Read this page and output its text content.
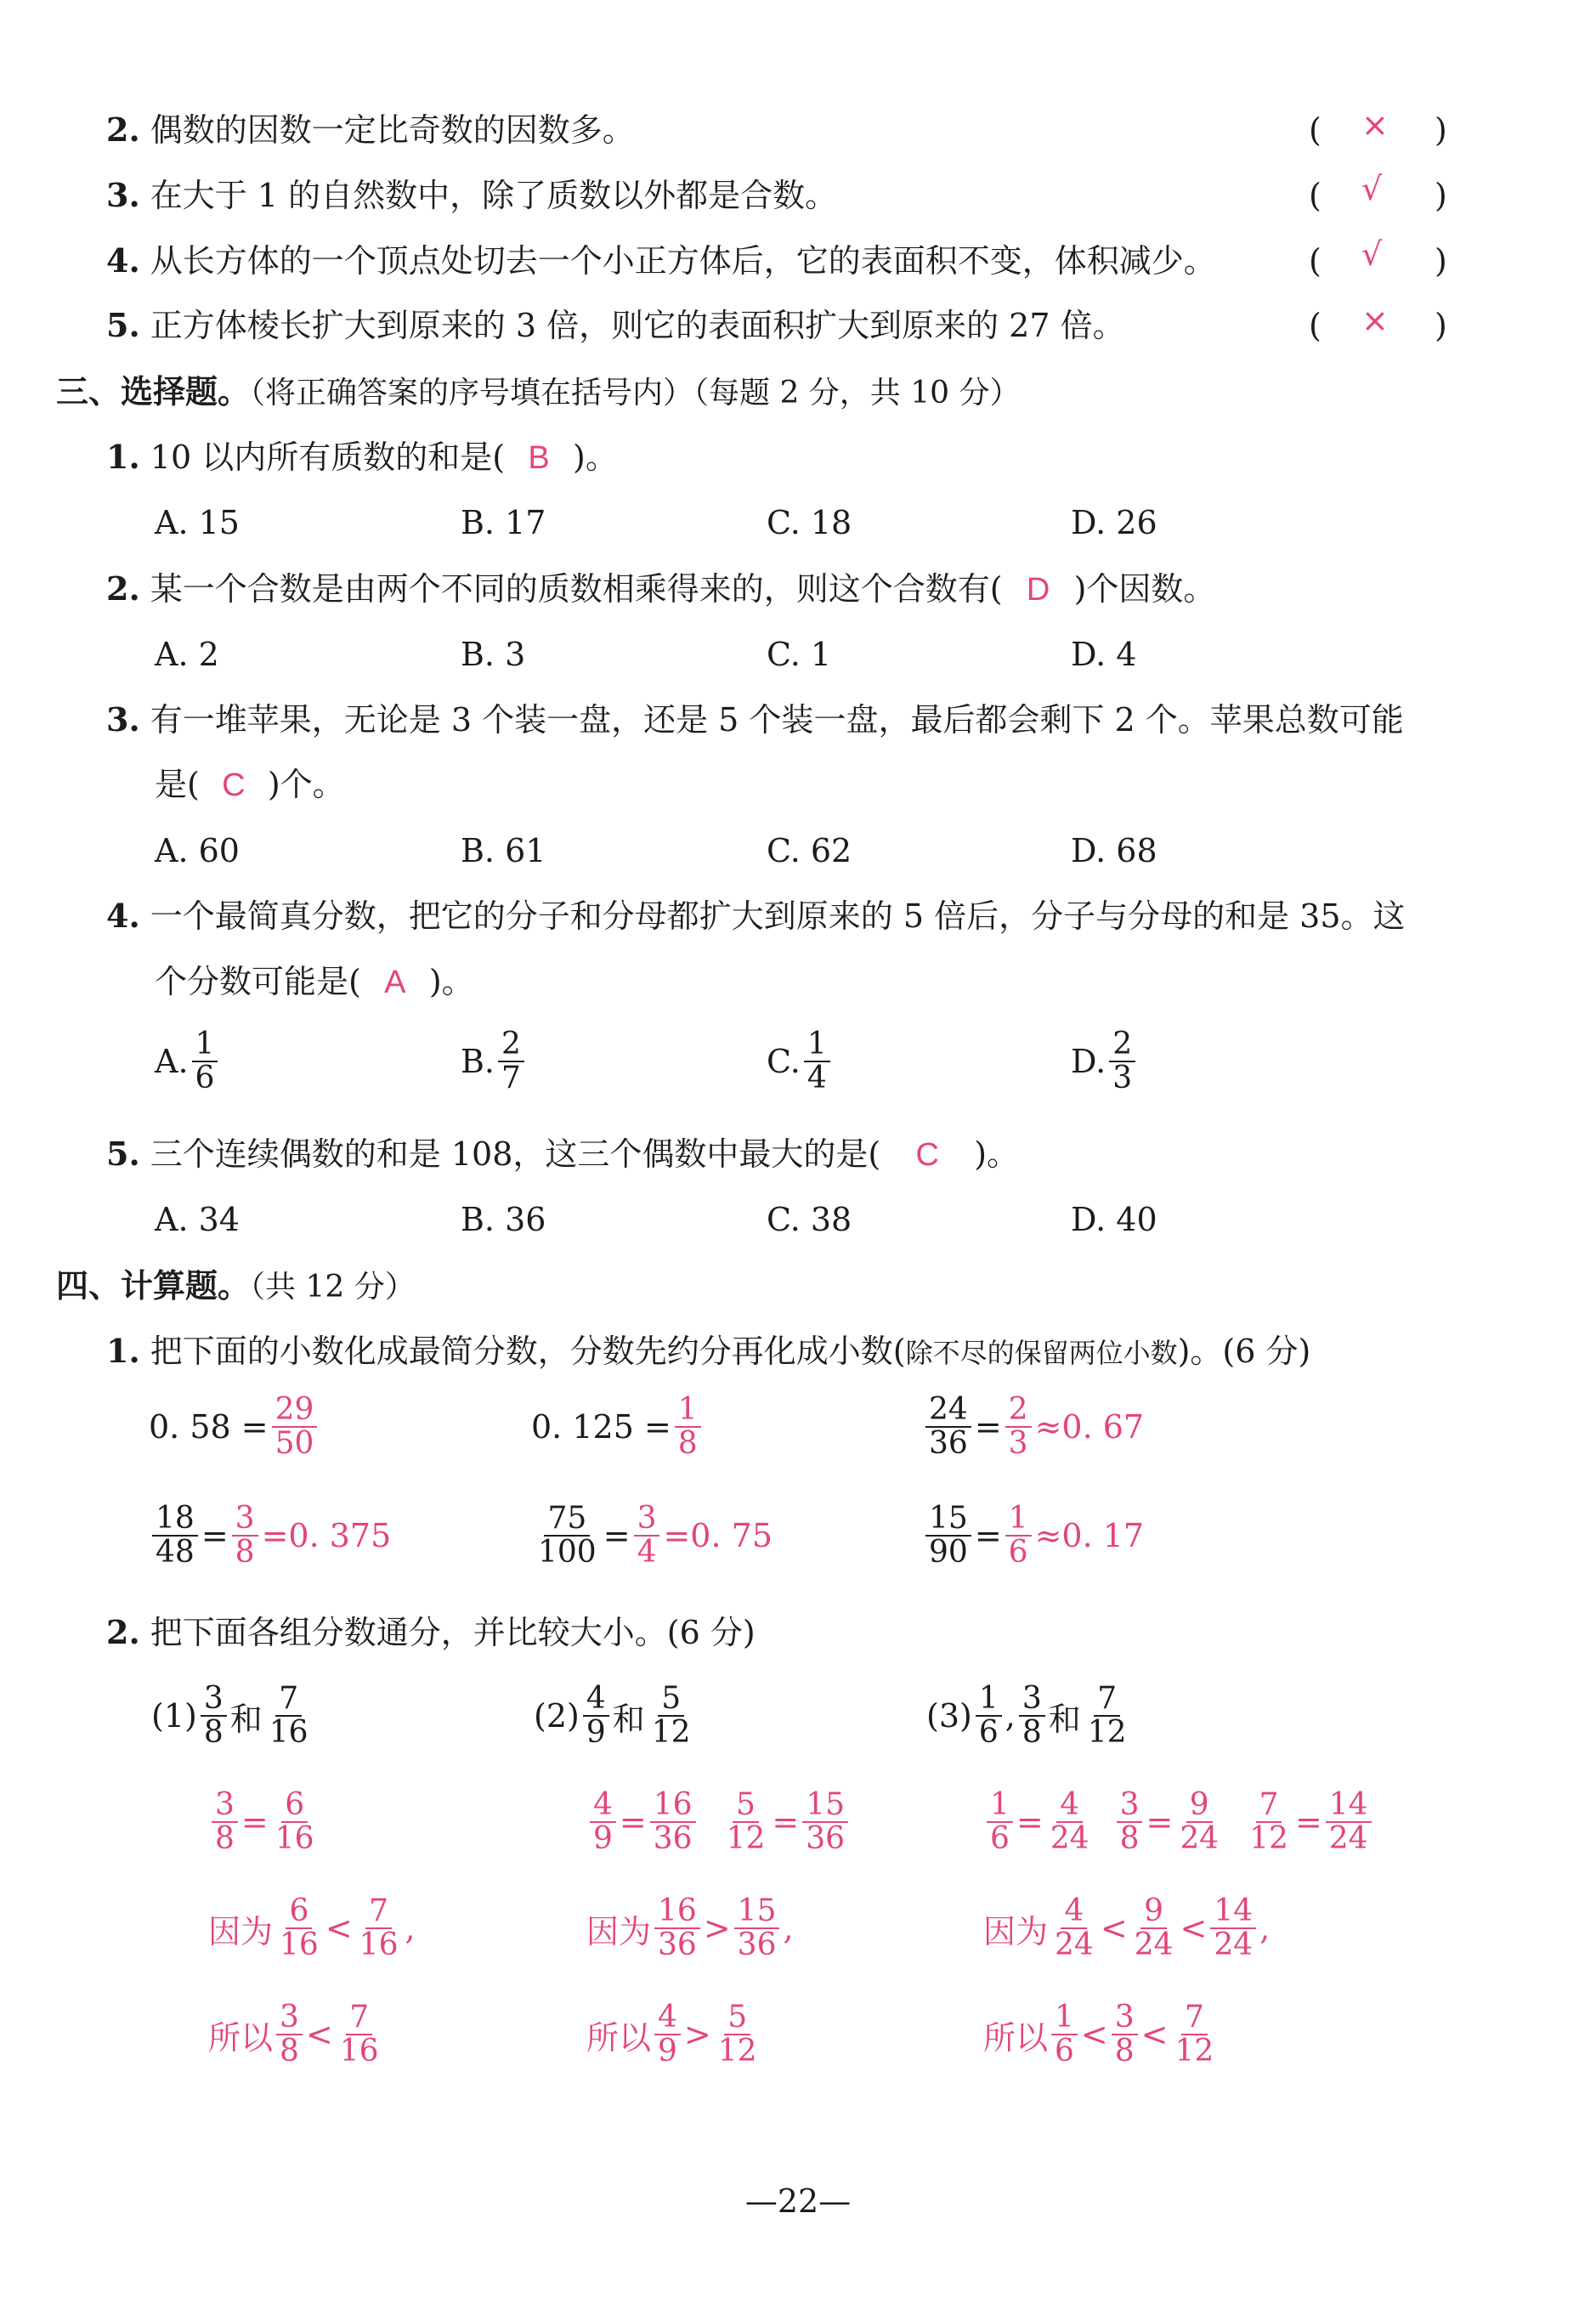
2. 偶数的因数一定比奇数的因数多。	( × )
3. 在大于 1 的自然数中，除了质数以外都是合数。	( √ )
4. 从长方体的一个顶点处切去一个小正方体后，它的表面积不变，体积减少。	( √ )
5. 正方体棱长扩大到原来的 3 倍，则它的表面积扩大到原来的 27 倍。	( × )
三、选择题。（将正确答案的序号填在括号内）（每题 2 分，共 10 分）
1. 10 以内所有质数的和是( B )。
A. 15	B. 17	C. 18	D. 26
2. 某一个合数是由两个不同的质数相乘得来的，则这个合数有( D )个因数。
A. 2	B. 3	C. 1	D. 4
3. 有一堆苹果，无论是 3 个装一盘，还是 5 个装一盘，最后都会剩下 2 个。苹果总数可能
是( C )个。
A. 60	B. 61	C. 62	D. 68
4. 一个最简真分数，把它的分子和分母都扩大到原来的 5 倍后，分子与分母的和是 35。这
个分数可能是( A )。
A. $\frac{1}{6}$	B. $\frac{2}{7}$	C. $\frac{1}{4}$	D. $\frac{2}{3}$
5. 三个连续偶数的和是 108，这三个偶数中最大的是( C )。
A. 34	B. 36	C. 38	D. 40
四、计算题。（共 12 分）
1. 把下面的小数化成最简分数，分数先约分再化成小数(除不尽的保留两位小数)。(6 分)
0. $58 = \frac{29}{50}$	0. $125 = \frac{1}{8}$	$\frac{24}{36} = \frac{2}{3} \approx 0$. 67
$\frac{18}{48} = \frac{3}{8} =0$. 375	$\frac{75}{100} = \frac{3}{4} =0$. 75	$\frac{15}{90} = \frac{1}{6} \approx 0$. 17
2. 把下面各组分数通分，并比较大小。(6 分)
$(1) \frac{3}{8}$ 和 $\frac{7}{16}$	$(2) \frac{4}{9}$ 和 $\frac{5}{12}$	$(3) \frac{1}{6}$ , $\frac{3}{8}$ 和 $\frac{7}{12}$
$\frac{3}{8} = \frac{6}{16}$	$\frac{4}{9} = \frac{16}{36} \frac{5}{12} = \frac{15}{36}$	$\frac{1}{6} = \frac{4}{24} \frac{3}{8} = \frac{9}{24} \frac{7}{12} = \frac{14}{24}$
因为 $\frac{6}{16} < \frac{7}{16}$ ,	因为 $\frac{16}{36} > \frac{15}{36}$ ,	因为 $\frac{4}{24} < \frac{9}{24} < \frac{14}{24}$ ,
所以 $\frac{3}{8} < \frac{7}{16}$	所以 $\frac{4}{9} > \frac{5}{12}$	所以 $\frac{1}{6} < \frac{3}{8} < \frac{7}{12}$
—22—
